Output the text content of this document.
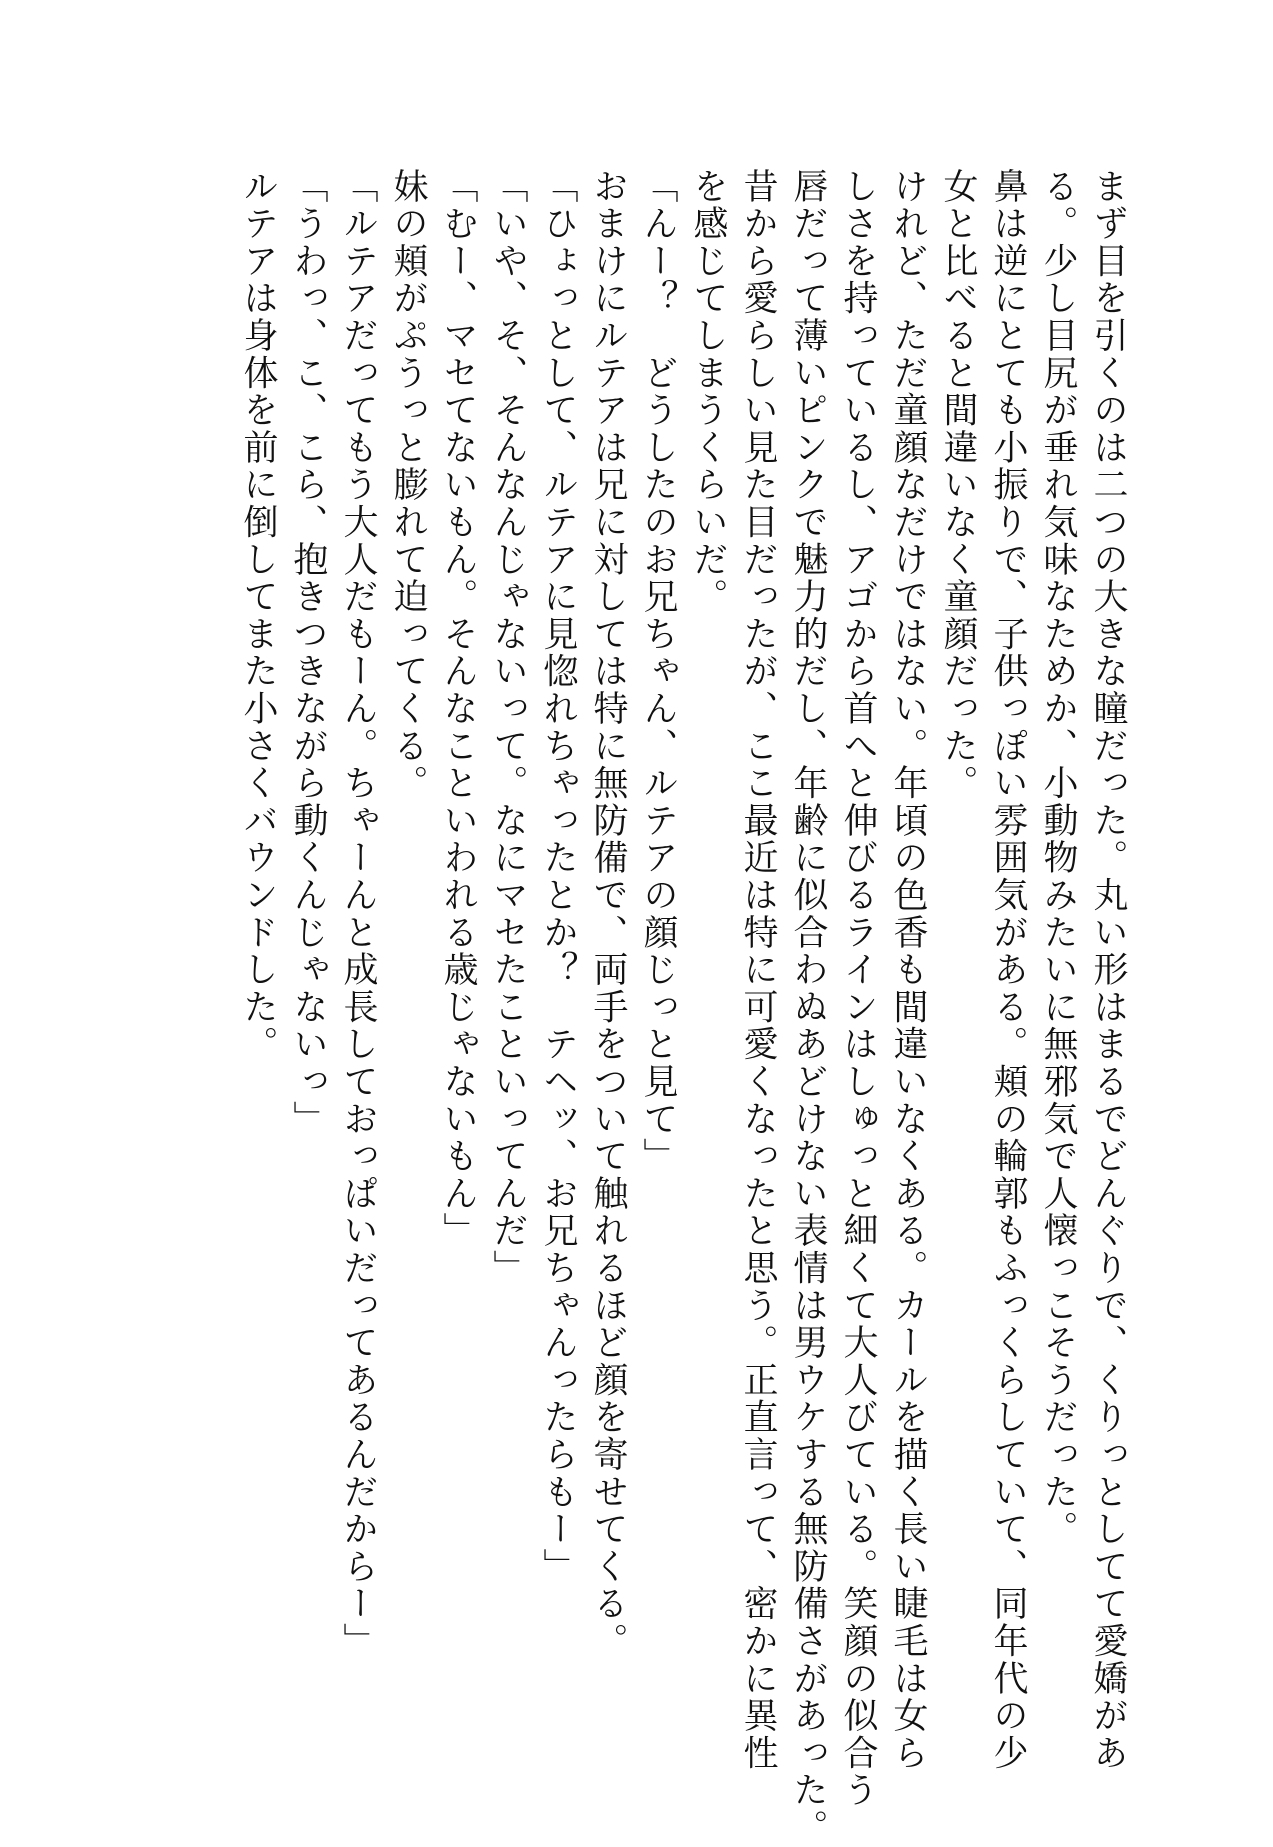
まず目を引くのは二つの大きな瞳だった。丸い形はまるでどんぐりで、くりっとしてて愛嬌があ
る。少し目尻が垂れ気味なためか、小動物みたいに無邪気で人懐っこそうだった。
鼻は逆にとても小振りで、子供っぽい雰囲気がある。頬の輪郭もふっくらしていて、同年代の少
女と比べると間違いなく童顔だった。
けれど、ただ童顔なだけではない。年頃の色香も間違いなくある。カールを描く長い睫毛は女ら
しさを持っているし、アゴから首へと伸びるラインはしゅっと細くて大人びている。笑顔の似合う
唇だって薄いピンクで魅力的だし、年齢に似合わぬあどけない表情は男ウケする無防備さがあった。
昔から愛らしい見た目だったが、ここ最近は特に可愛くなったと思う。正直言って、密かに異性
を感じてしまうくらいだ。
「んー？　どうしたのお兄ちゃん、ルテアの顔じっと見て」
おまけにルテアは兄に対しては特に無防備で、両手をついて触れるほど顔を寄せてくる。
「ひょっとして、ルテアに見惚れちゃったとか？　テヘッ、お兄ちゃんったらもー」
「いや、そ、そんなんじゃないって。なにマセたこといってんだ」
「むー、マセてないもん。そんなこといわれる歳じゃないもん」
妹の頬がぷうっと膨れて迫ってくる。
「ルテアだってもう大人だもーん。ちゃーんと成長しておっぱいだってあるんだからー」
「うわっ、こ、こら、抱きつきながら動くんじゃないっ」
ルテアは身体を前に倒してまた小さくバウンドした。
